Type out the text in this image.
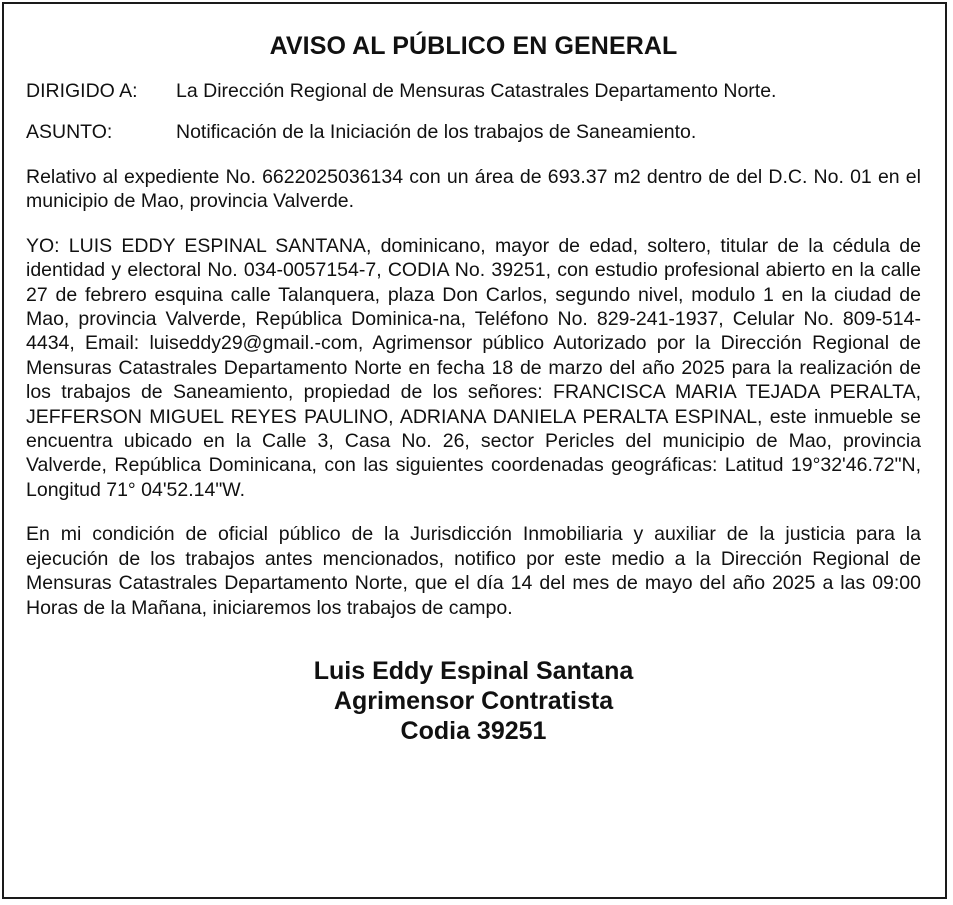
AVISO AL PÚBLICO EN GENERAL
DIRIGIDO A:	La Dirección Regional de Mensuras Catastrales Departamento Norte.
ASUNTO:	Notificación de la Iniciación de los trabajos de Saneamiento.

Relativo al expediente No. 6622025036134 con un área de 693.37 m2 dentro de del D.C. No. 01 en el municipio de Mao, provincia Valverde.

YO: LUIS EDDY ESPINAL SANTANA, dominicano, mayor de edad, soltero, titular de la cédula de identidad y electoral No. 034-0057154-7, CODIA No. 39251, con estudio profesional abierto en la calle 27 de febrero esquina calle Talanquera, plaza Don Carlos, segundo nivel, modulo 1 en la ciudad de Mao, provincia Valverde, República Dominica-na, Teléfono No. 829-241-1937, Celular No. 809-514-4434, Email: luiseddy29@gmail.-com, Agrimensor público Autorizado por la Dirección Regional de Mensuras Catastrales Departamento Norte en fecha 18 de marzo del año 2025 para la realización de los trabajos de Saneamiento, propiedad de los señores: FRANCISCA MARIA TEJADA PERALTA, JEFFERSON MIGUEL REYES PAULINO, ADRIANA DANIELA PERALTA ESPINAL, este inmueble se encuentra ubicado en la Calle 3, Casa No. 26, sector Pericles del municipio de Mao, provincia Valverde, República Dominicana, con las siguientes coordenadas geográficas: Latitud 19°32'46.72"N, Longitud 71° 04'52.14"W.

En mi condición de oficial público de la Jurisdicción Inmobiliaria y auxiliar de la justicia para la ejecución de los trabajos antes mencionados, notifico por este medio a la Dirección Regional de Mensuras Catastrales Departamento Norte, que el día 14 del mes de mayo del año 2025 a las 09:00 Horas de la Mañana, iniciaremos los trabajos de campo.

Luis Eddy Espinal Santana
Agrimensor Contratista
Codia 39251
